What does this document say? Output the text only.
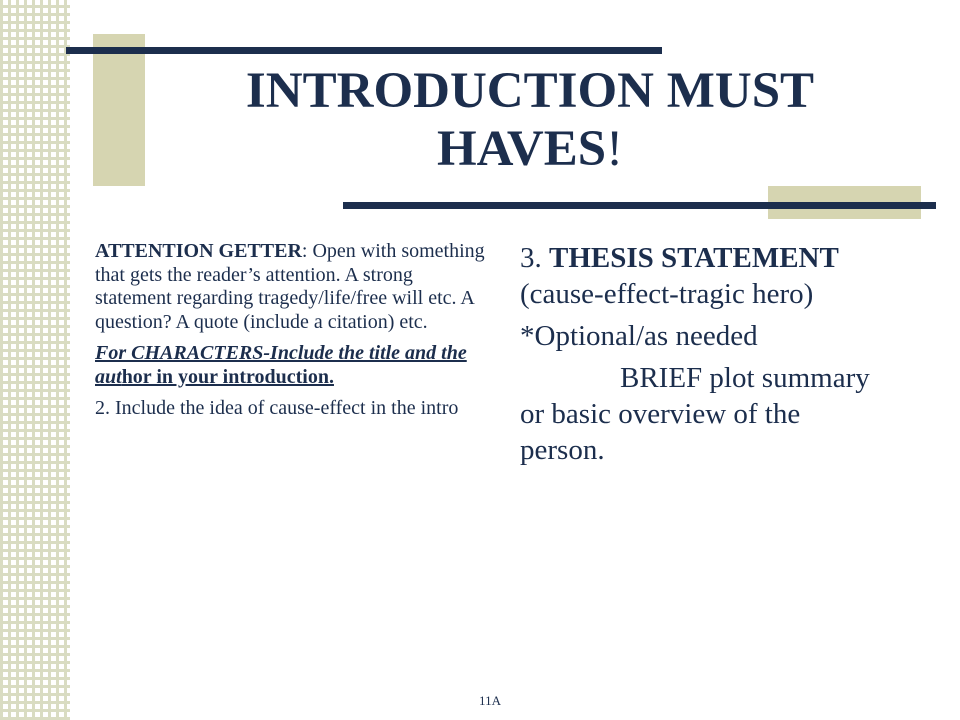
INTRODUCTION MUST HAVES!

ATTENTION GETTER: Open with something that gets the reader’s attention. A strong statement regarding tragedy/life/free will etc. A question? A quote (include a citation) etc.

For CHARACTERS-Include the title and the author in your introduction.

2. Include the idea of cause-effect in the intro

3. THESIS STATEMENT (cause-effect-tragic hero)

*Optional/as needed

BRIEF plot summary or basic overview of the person.

11A
